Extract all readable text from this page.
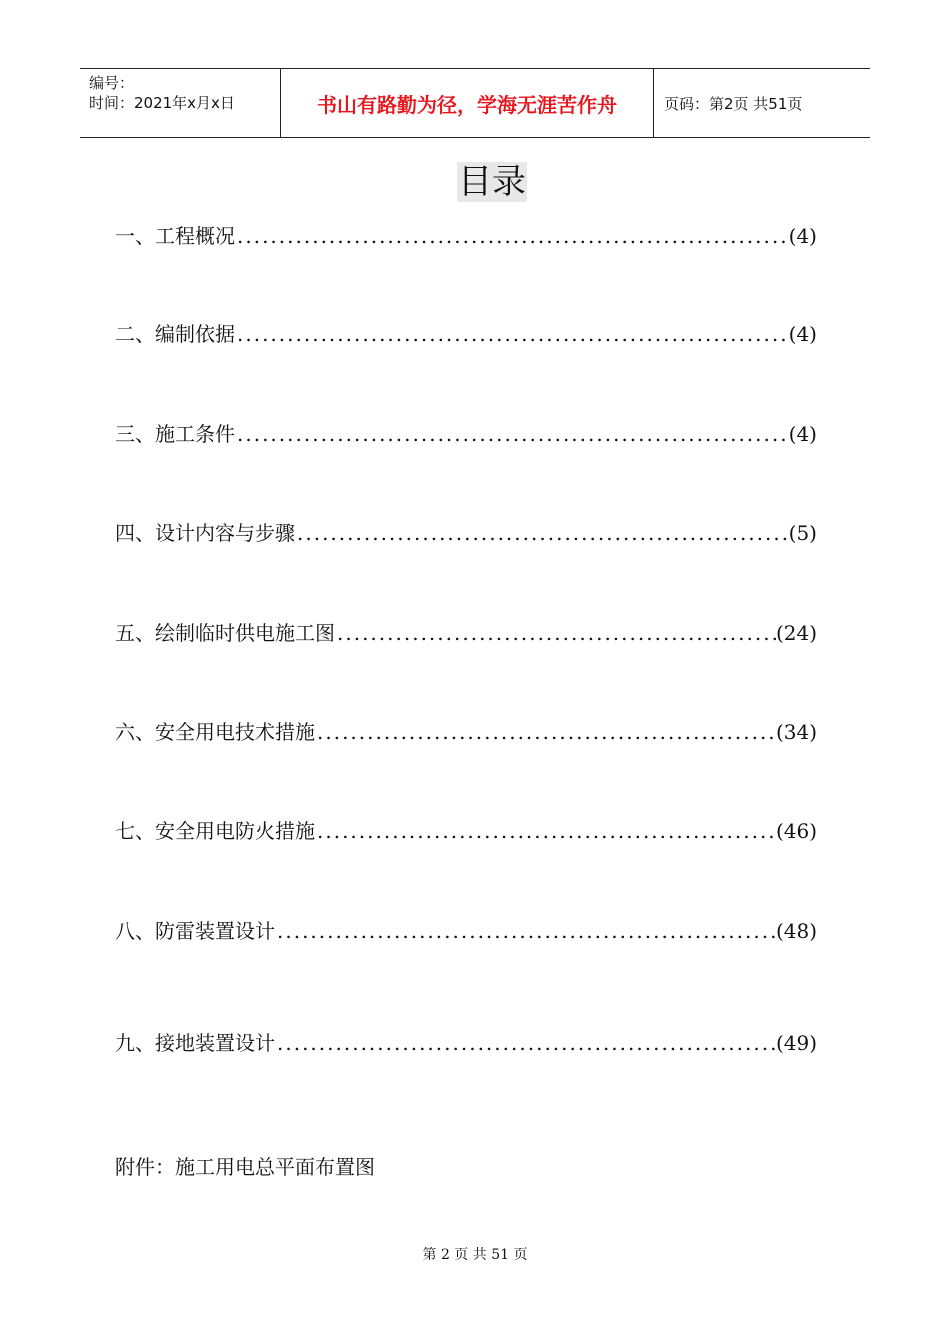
编号：
时间：2021年x月x日	书山有路勤为径，学海无涯苦作舟	页码：第2页 共51页
目录
一、工程概况 .....	(4)
二、编制依据 .....	(4)
三、施工条件 .....	(4)
四、设计内容与步骤 .....	(5)
五、绘制临时供电施工图 .....	(24)
六、安全用电技术措施 .....	(34)
七、安全用电防火措施 .....	(46)
八、防雷装置设计 .....	(48)
九、接地装置设计 .....	(49)
附件：施工用电总平面布置图
第 2 页 共 51 页
